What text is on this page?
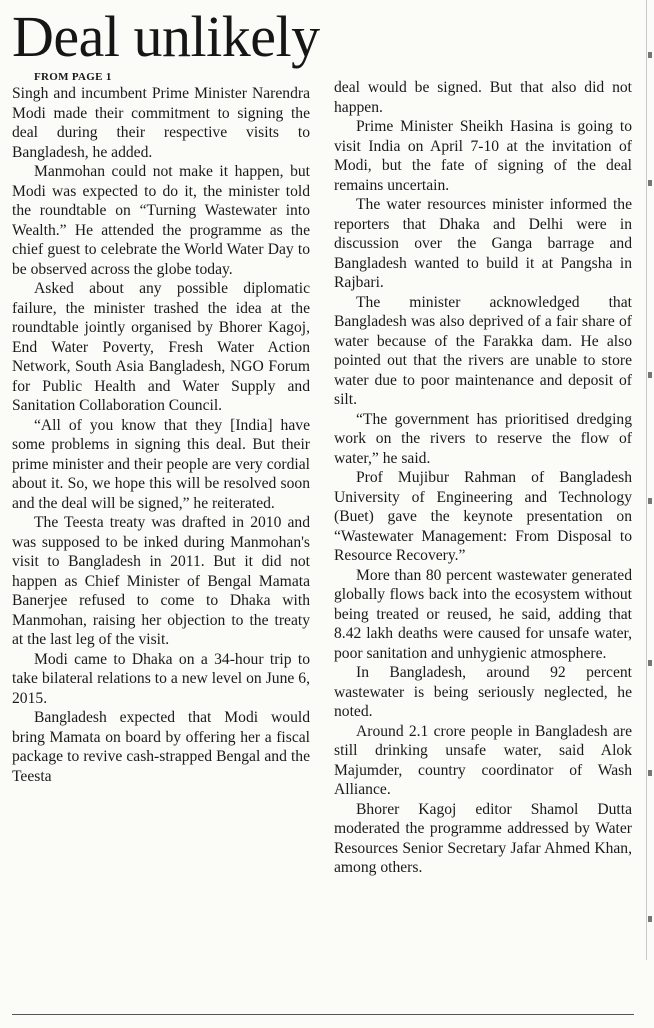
Deal unlikely

FROM PAGE 1

Singh and incumbent Prime Minister Narendra Modi made their commitment to signing the deal during their respective visits to Bangladesh, he added.

Manmohan could not make it happen, but Modi was expected to do it, the minister told the roundtable on “Turning Wastewater into Wealth.” He attended the programme as the chief guest to celebrate the World Water Day to be observed across the globe today.

Asked about any possible diplomatic failure, the minister trashed the idea at the roundtable jointly organised by Bhorer Kagoj, End Water Poverty, Fresh Water Action Network, South Asia Bangladesh, NGO Forum for Public Health and Water Supply and Sanitation Collaboration Council.

“All of you know that they [India] have some problems in signing this deal. But their prime minister and their people are very cordial about it. So, we hope this will be resolved soon and the deal will be signed,” he reiterated.

The Teesta treaty was drafted in 2010 and was supposed to be inked during Manmohan's visit to Bangladesh in 2011. But it did not happen as Chief Minister of Bengal Mamata Banerjee refused to come to Dhaka with Manmohan, raising her objection to the treaty at the last leg of the visit.

Modi came to Dhaka on a 34-hour trip to take bilateral relations to a new level on June 6, 2015.

Bangladesh expected that Modi would bring Mamata on board by offering her a fiscal package to revive cash-strapped Bengal and the Teesta

deal would be signed. But that also did not happen.

Prime Minister Sheikh Hasina is going to visit India on April 7-10 at the invitation of Modi, but the fate of signing of the deal remains uncertain.

The water resources minister informed the reporters that Dhaka and Delhi were in discussion over the Ganga barrage and Bangladesh wanted to build it at Pangsha in Rajbari.

The minister acknowledged that Bangladesh was also deprived of a fair share of water because of the Farakka dam. He also pointed out that the rivers are unable to store water due to poor maintenance and deposit of silt.

“The government has prioritised dredging work on the rivers to reserve the flow of water,” he said.

Prof Mujibur Rahman of Bangladesh University of Engineering and Technology (Buet) gave the keynote presentation on “Wastewater Management: From Disposal to Resource Recovery.”

More than 80 percent wastewater generated globally flows back into the ecosystem without being treated or reused, he said, adding that 8.42 lakh deaths were caused for unsafe water, poor sanitation and unhygienic atmosphere.

In Bangladesh, around 92 percent wastewater is being seriously neglected, he noted.

Around 2.1 crore people in Bangladesh are still drinking unsafe water, said Alok Majumder, country coordinator of Wash Alliance.

Bhorer Kagoj editor Shamol Dutta moderated the programme addressed by Water Resources Senior Secretary Jafar Ahmed Khan, among others.
